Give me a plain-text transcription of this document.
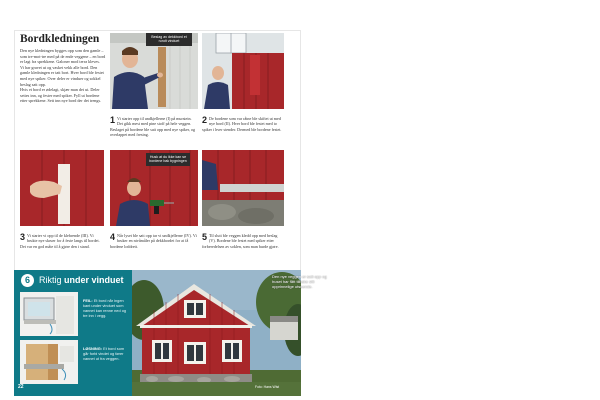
Bordkledningen
Den nye kledningen bygges opp som den gamle – som tre-mot-tre med på de ende veggene – en bord er lagt fra sprekkene. Galoner mod terra kleves.
Vi har gravet ut og vasket vekk alle bord. Den gamle kledningen er tatt bort. Hver bord ble festet med nye spiker. Over deler er vinduer og sokkel beslag satt opp.
Hvis et bord er ødelagt, skjær man det ut. Deler settes inn, og fester med spiker. Fyll ut bordene etter sprekkene. Sett inn nye bord der det trengs.
Beslag av dekkbord et rundt vinduet

1 Vi starter opp til undkjellerne (I) på murstein. Det gikk mest med pine stoff på hele veggen. Beslaget på bordene ble satt opp med nye spiker, og overlappet med fresing.

2 De bordene som var råtne ble skiftet ut med nye bord (II). Hver bord ble festet med to spiker i hver stender. Dermed ble bordene festet.

Husk at du ikke kan se bordene bak bygningen

3 Vi starter vi opp til de klebrende (III). Vi brukte nye skruer for å feste langs til bordet. Det var en god måte til å gjøre den i stand.

4 Når lyset ble satt opp tar vi undkjellerne (IV). Vi bruker en nivåmåler på dekkbordet for at få bordene loddrett.

5 Til slutt ble veggen kledd opp med beslag (V). Bordene ble festet med spiker etter forberedelsen av soklen, som man burde gjøre.

6	Riktig under vinduet

FEIL: Et bord når ingen kant under vinduet som vannet kan renne ned og tre inn i vegg.

LØSNING: Et bord som går forbi vindet og fører vannet ut fra veggen.

22
Den nye veggen er satt opp og huset har fått tilbake sitt opprinnelige utseende.
Foto: Hans Wist
